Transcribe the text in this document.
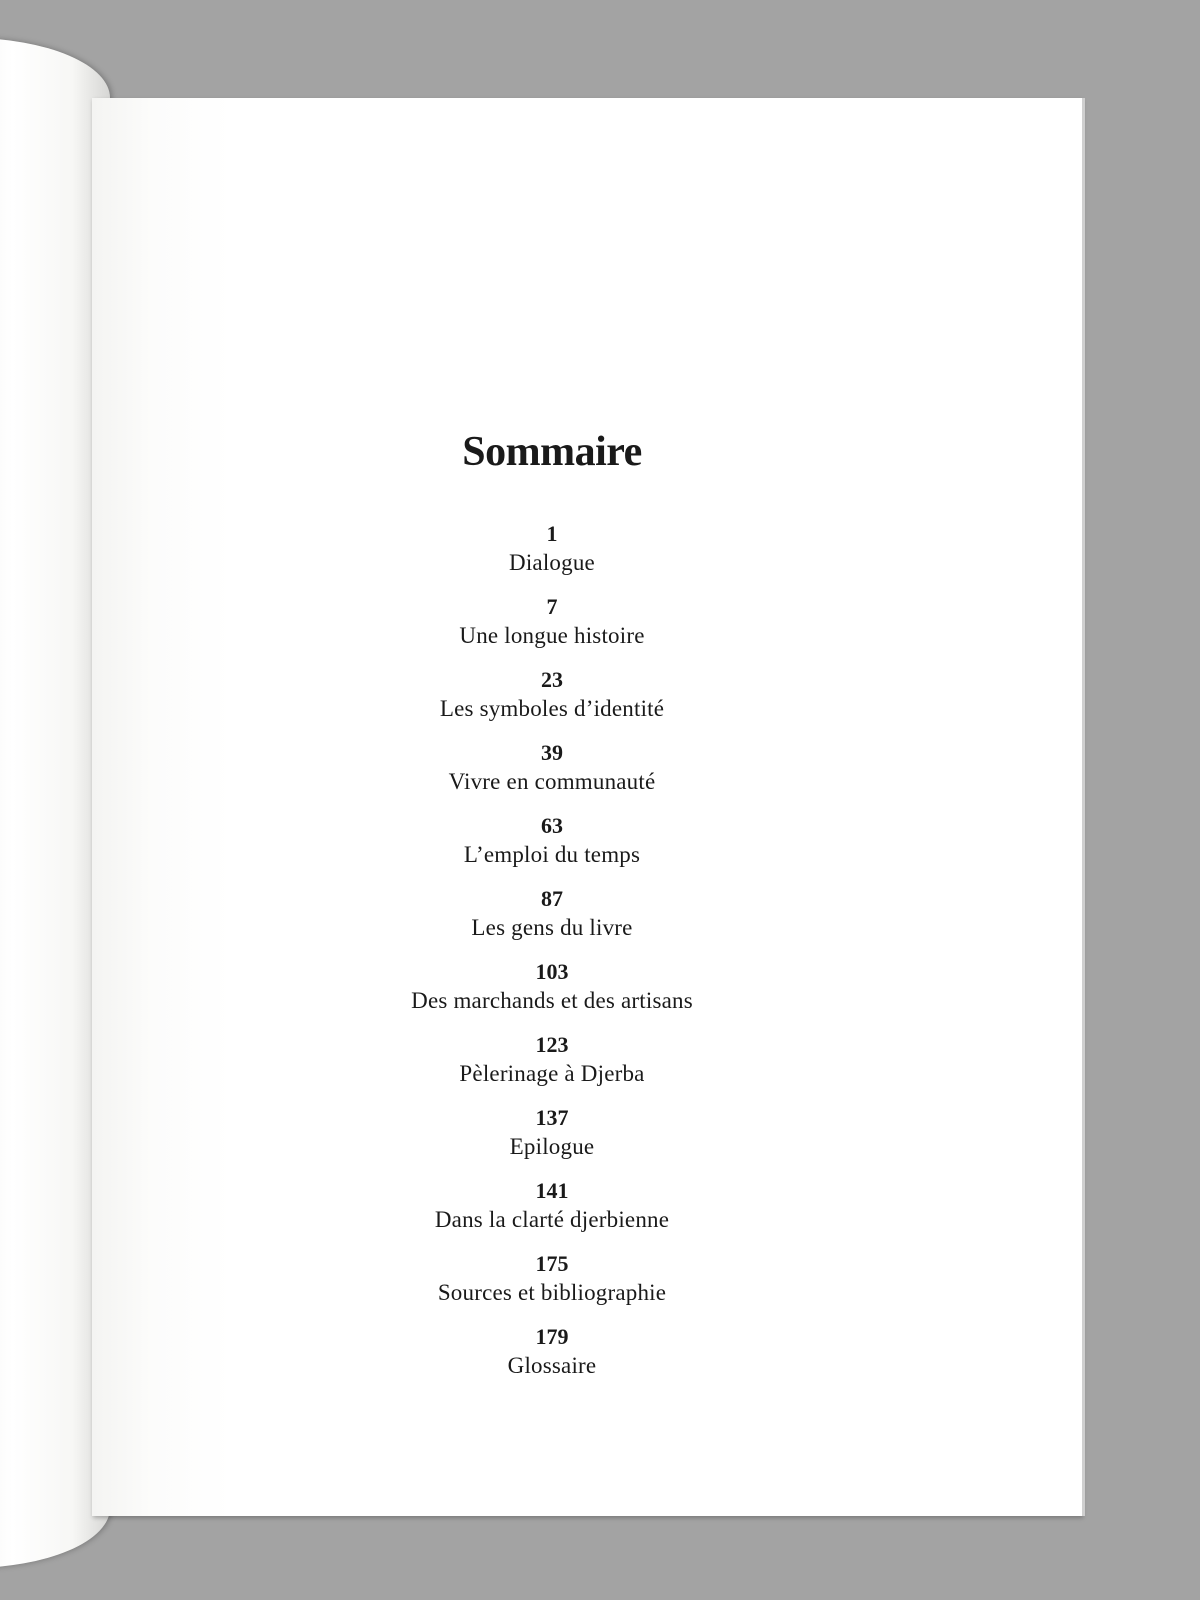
Sommaire
1
Dialogue
7
Une longue histoire
23
Les symboles d’identité
39
Vivre en communauté
63
L’emploi du temps
87
Les gens du livre
103
Des marchands et des artisans
123
Pèlerinage à Djerba
137
Epilogue
141
Dans la clarté djerbienne
175
Sources et bibliographie
179
Glossaire
